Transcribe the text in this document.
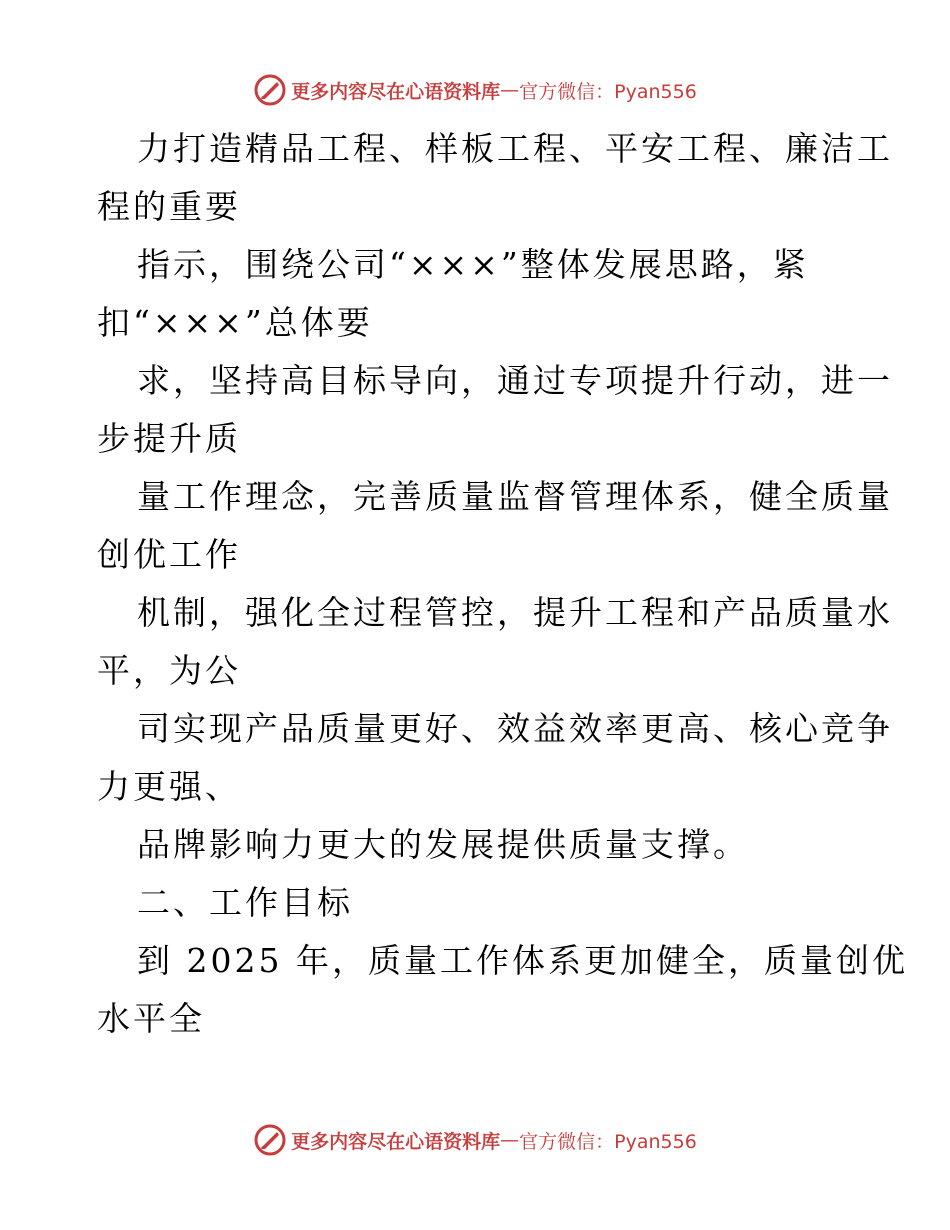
更多内容尽在心语资料库 — 官方微信：Pyan556
力打造精品工程、样板工程、平安工程、廉洁工
程的重要
指示，围绕公司“×××”整体发展思路，紧
扣“×××”总体要
求，坚持高目标导向，通过专项提升行动，进一
步提升质
量工作理念，完善质量监督管理体系，健全质量
创优工作
机制，强化全过程管控，提升工程和产品质量水
平，为公
司实现产品质量更好、效益效率更高、核心竞争
力更强、
品牌影响力更大的发展提供质量支撑。
二、工作目标
到 2025 年，质量工作体系更加健全，质量创优
水平全
更多内容尽在心语资料库 — 官方微信：Pyan556
